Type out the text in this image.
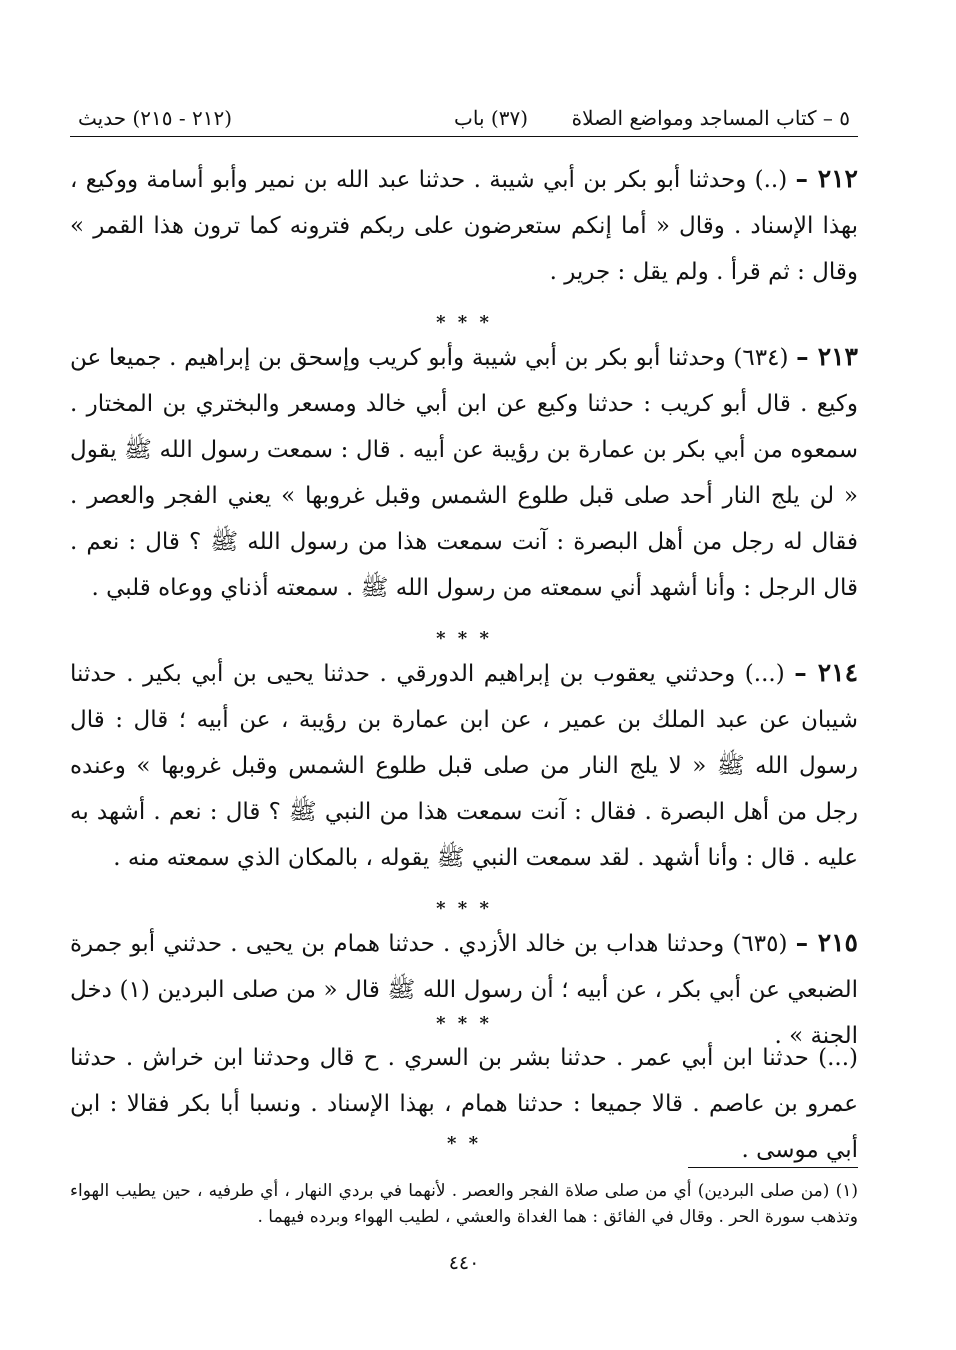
٥ – كتاب المساجد ومواضع الصلاة
(٣٧) باب
(٢١٢ - ٢١٥) حديث
٢١٢ – (..) وحدثنا أبو بكر بن أبي شيبة . حدثنا عبد الله بن نمير وأبو أسامة ووكيع ، بهذا الإسناد . وقال « أما إنكم ستعرضون على ربكم فترونه كما ترون هذا القمر » وقال : ثم قرأ . ولم يقل : جرير .
* * *
٢١٣ – (٦٣٤) وحدثنا أبو بكر بن أبي شيبة وأبو كريب وإسحق بن إبراهيم . جميعا عن وكيع . قال أبو كريب : حدثنا وكيع عن ابن أبي خالد ومسعر والبختري بن المختار . سمعوه من أبي بكر بن عمارة بن رؤيبة عن أبيه . قال : سمعت رسول الله ﷺ يقول « لن يلج النار أحد صلى قبل طلوع الشمس وقبل غروبها » يعني الفجر والعصر . فقال له رجل من أهل البصرة : آنت سمعت هذا من رسول الله ﷺ ؟ قال : نعم . قال الرجل : وأنا أشهد أني سمعته من رسول الله ﷺ . سمعته أذناي ووعاه قلبي .
* * *
٢١٤ – (...) وحدثني يعقوب بن إبراهيم الدورقي . حدثنا يحيى بن أبي بكير . حدثنا شيبان عن عبد الملك بن عمير ، عن ابن عمارة بن رؤيبة ، عن أبيه ؛ قال : قال رسول الله ﷺ « لا يلج النار من صلى قبل طلوع الشمس وقبل غروبها » وعنده رجل من أهل البصرة . فقال : آنت سمعت هذا من النبي ﷺ ؟ قال : نعم . أشهد به عليه . قال : وأنا أشهد . لقد سمعت النبي ﷺ يقوله ، بالمكان الذي سمعته منه .
* * *
٢١٥ – (٦٣٥) وحدثنا هداب بن خالد الأزدي . حدثنا همام بن يحيى . حدثني أبو جمرة الضبعي عن أبي بكر ، عن أبيه ؛ أن رسول الله ﷺ قال « من صلى البردين (١) دخل الجنة » .
* * *
(...) حدثنا ابن أبي عمر . حدثنا بشر بن السري . ح قال وحدثنا ابن خراش . حدثنا عمرو بن عاصم . قالا جميعا : حدثنا همام ، بهذا الإسناد . ونسبا أبا بكر فقالا : ابن أبي موسى .
* *
(١) (من صلى البردين) أي من صلى صلاة الفجر والعصر . لأنهما في بردي النهار ، أي طرفيه ، حين يطيب الهواء وتذهب سورة الحر . وقال في الفائق : هما الغداة والعشي ، لطيب الهواء وبرده فيهما .
٤٤٠
